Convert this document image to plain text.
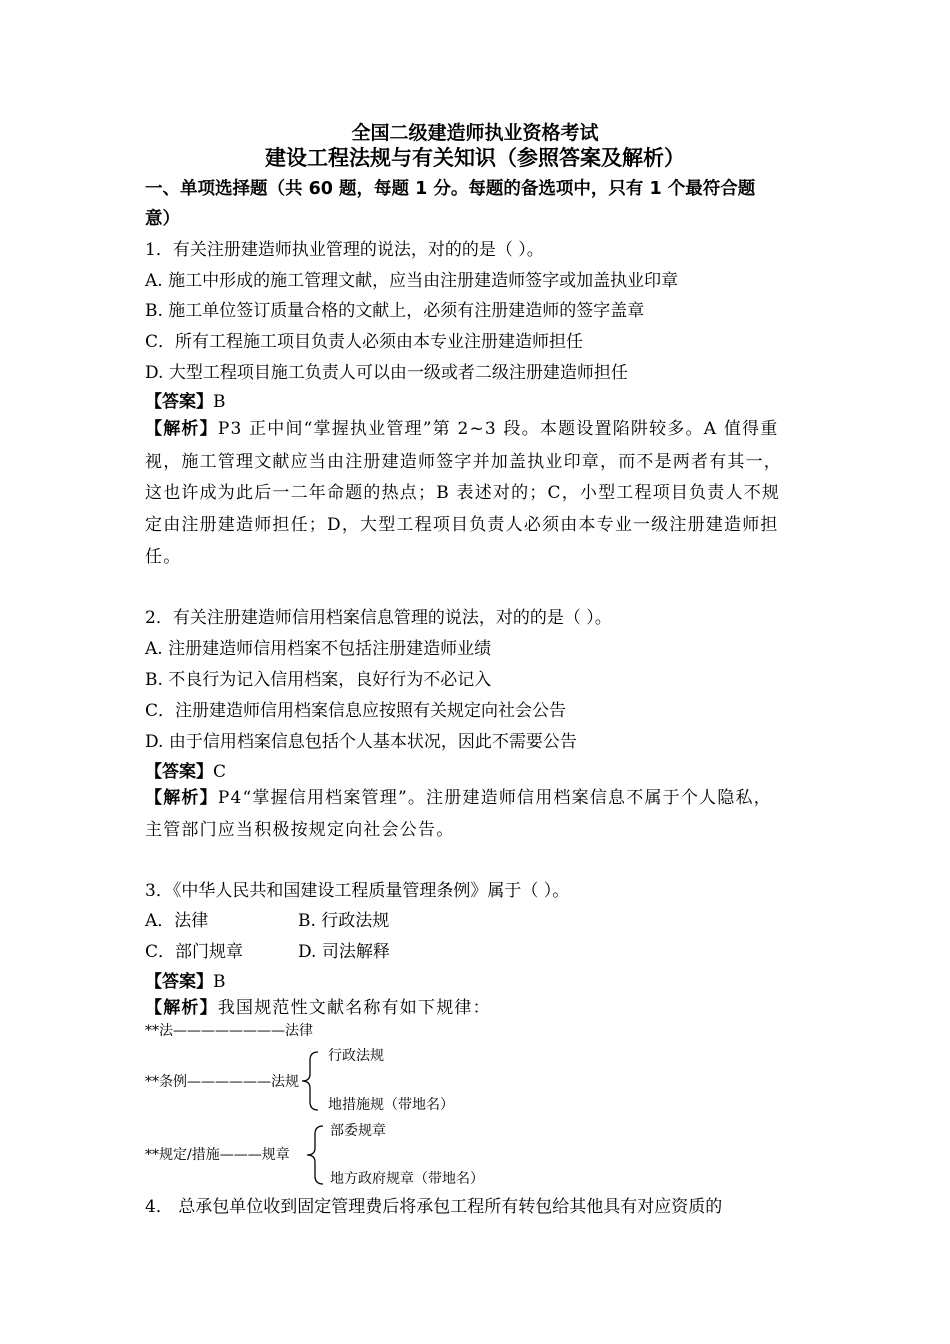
全国二级建造师执业资格考试
建设工程法规与有关知识（参照答案及解析）
一、单项选择题（共 60 题，每题 1 分。每题的备选项中，只有 1 个最符合题
意）
1．有关注册建造师执业管理的说法，对的的是（ ）。
A. 施工中形成的施工管理文献，应当由注册建造师签字或加盖执业印章
B. 施工单位签订质量合格的文献上，必须有注册建造师的签字盖章
C．所有工程施工项目负责人必须由本专业注册建造师担任
D. 大型工程项目施工负责人可以由一级或者二级注册建造师担任
【答案】B
【解析】P3 正中间“掌握执业管理”第 2~3 段。本题设置陷阱较多。A 值得重
视，施工管理文献应当由注册建造师签字并加盖执业印章，而不是两者有其一，
这也许成为此后一二年命题的热点；B 表述对的；C，小型工程项目负责人不规
定由注册建造师担任；D，大型工程项目负责人必须由本专业一级注册建造师担
任。
2．有关注册建造师信用档案信息管理的说法，对的的是（ ）。
A. 注册建造师信用档案不包括注册建造师业绩
B. 不良行为记入信用档案，良好行为不必记入
C．注册建造师信用档案信息应按照有关规定向社会公告
D. 由于信用档案信息包括个人基本状况，因此不需要公告
【答案】C
【解析】P4“掌握信用档案管理”。注册建造师信用档案信息不属于个人隐私，
主管部门应当积极按规定向社会公告。
3．《中华人民共和国建设工程质量管理条例》属于（ ）。
A．法律	B. 行政法规
C．部门规章	D. 司法解释
【答案】B
【解析】我国规范性文献名称有如下规律：
**法————————法律
**条例——————法规
行政法规
地措施规（带地名）
**规定/措施———规章
部委规章
地方政府规章（带地名）
4． 总承包单位收到固定管理费后将承包工程所有转包给其他具有对应资质的
